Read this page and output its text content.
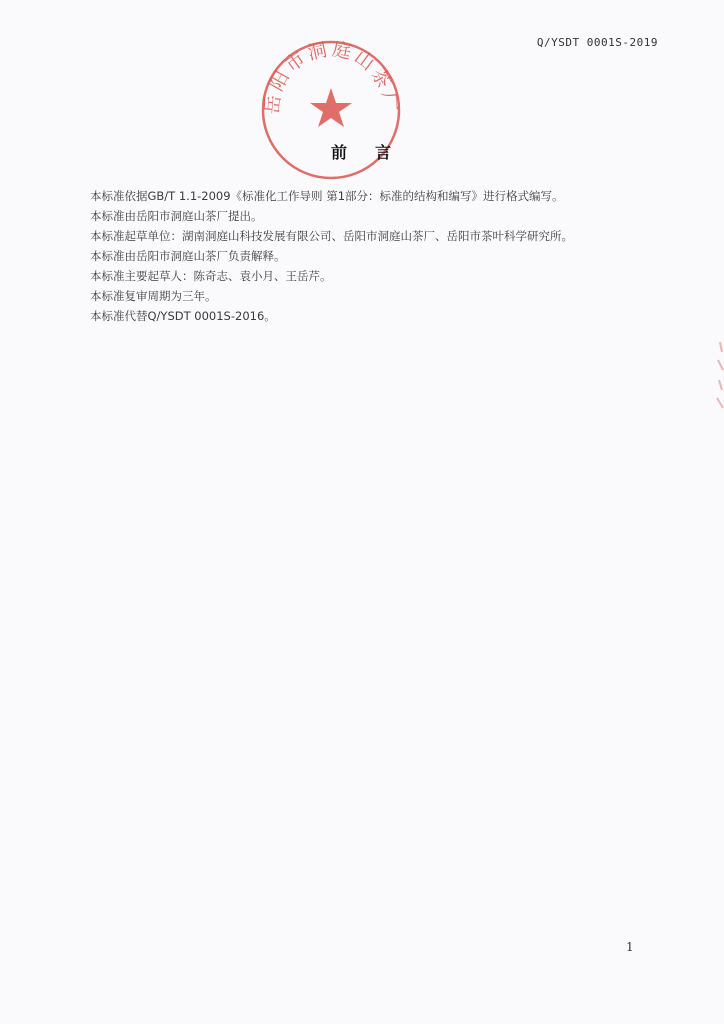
Q/YSDT 0001S-2019
岳阳市洞庭山茶厂
前 言

本标准依据GB/T 1.1-2009《标准化工作导则 第1部分：标准的结构和编写》进行格式编写。

本标准由岳阳市洞庭山茶厂提出。

本标准起草单位：湖南洞庭山科技发展有限公司、岳阳市洞庭山茶厂、岳阳市茶叶科学研究所。

本标准由岳阳市洞庭山茶厂负责解释。

本标准主要起草人：陈奇志、袁小月、王岳芹。

本标准复审周期为三年。

本标准代替Q/YSDT 0001S-2016。

1
